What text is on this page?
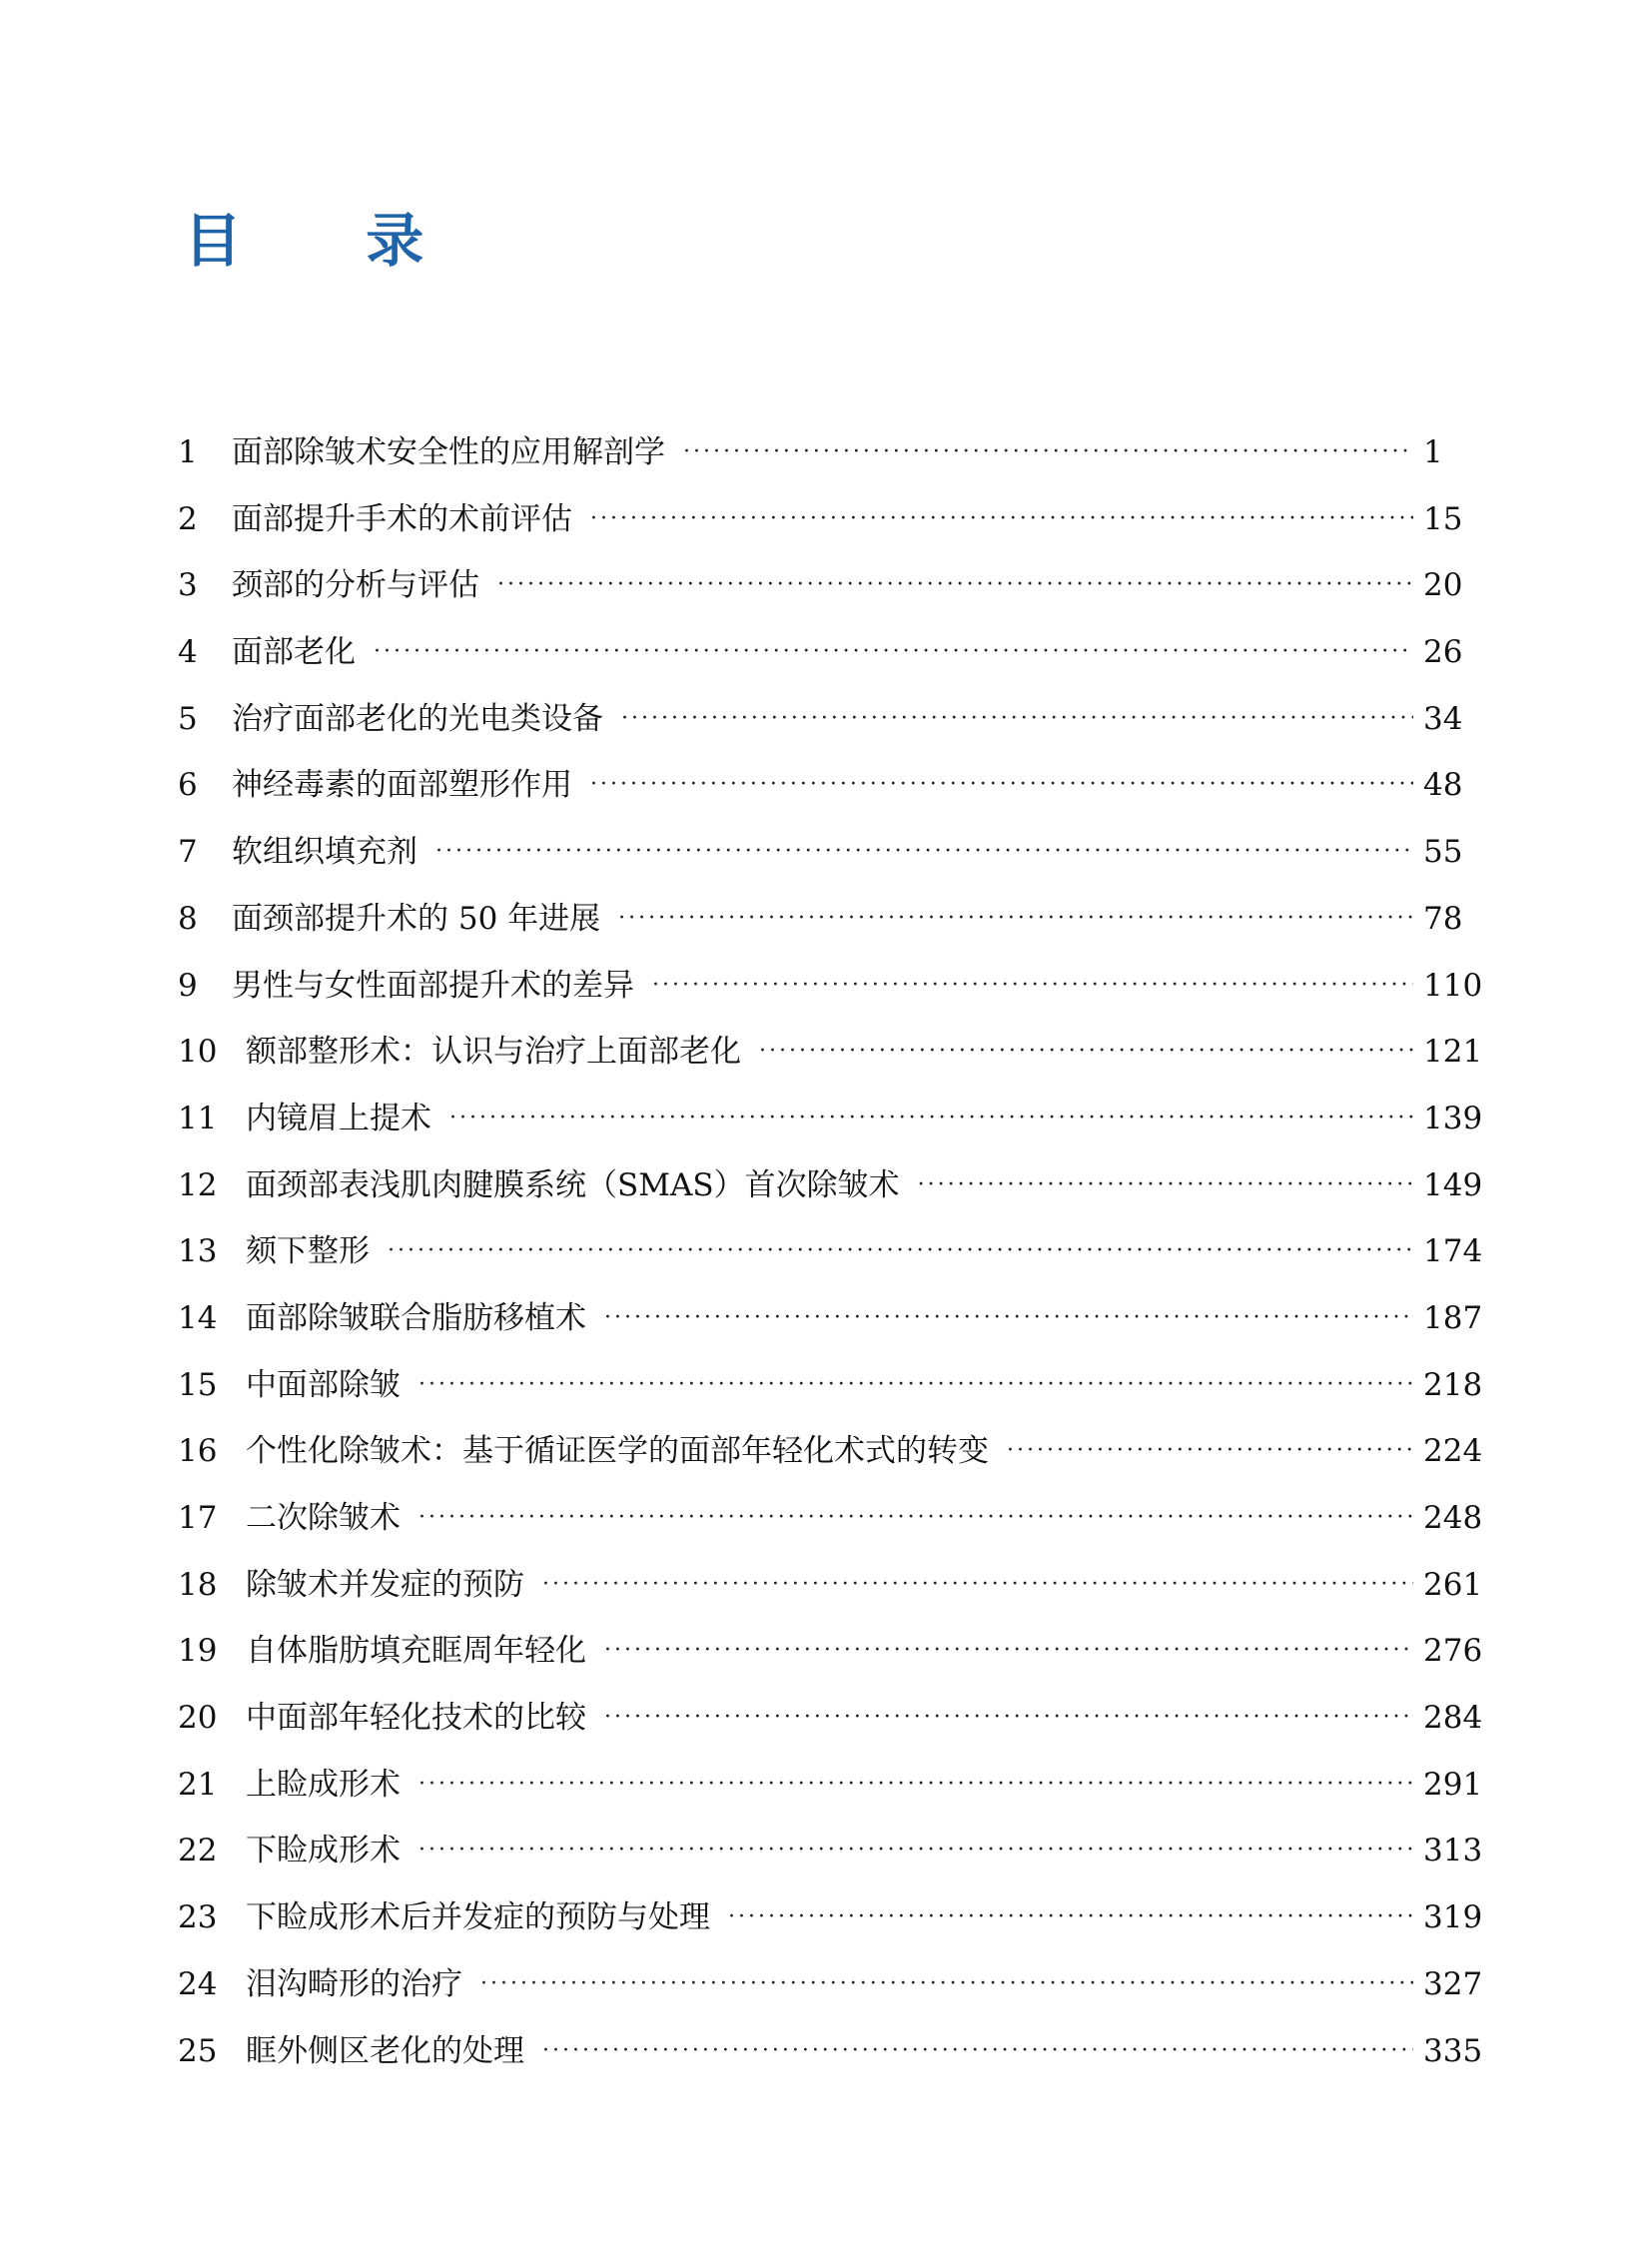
目 录
1	面部除皱术安全性的应用解剖学 ·····	1
2	面部提升手术的术前评估 ·····	15
3	颈部的分析与评估 ·····	20
4	面部老化 ·····	26
5	治疗面部老化的光电类设备 ·····	34
6	神经毒素的面部塑形作用 ·····	48
7	软组织填充剂 ·····	55
8	面颈部提升术的 50 年进展 ·····	78
9	男性与女性面部提升术的差异 ·····	110
10 额部整形术：认识与治疗上面部老化 ·····	121
11 内镜眉上提术 ·····	139
12 面颈部表浅肌肉腱膜系统（SMAS）首次除皱术 ·····	149
13 颏下整形 ·····	174
14 面部除皱联合脂肪移植术 ·····	187
15 中面部除皱 ·····	218
16 个性化除皱术：基于循证医学的面部年轻化术式的转变 ·····	224
17 二次除皱术 ·····	248
18 除皱术并发症的预防 ·····	261
19 自体脂肪填充眶周年轻化 ·····	276
20 中面部年轻化技术的比较 ·····	284
21 上睑成形术 ·····	291
22 下睑成形术 ·····	313
23 下睑成形术后并发症的预防与处理 ·····	319
24 泪沟畸形的治疗 ·····	327
25 眶外侧区老化的处理 ·····	335
